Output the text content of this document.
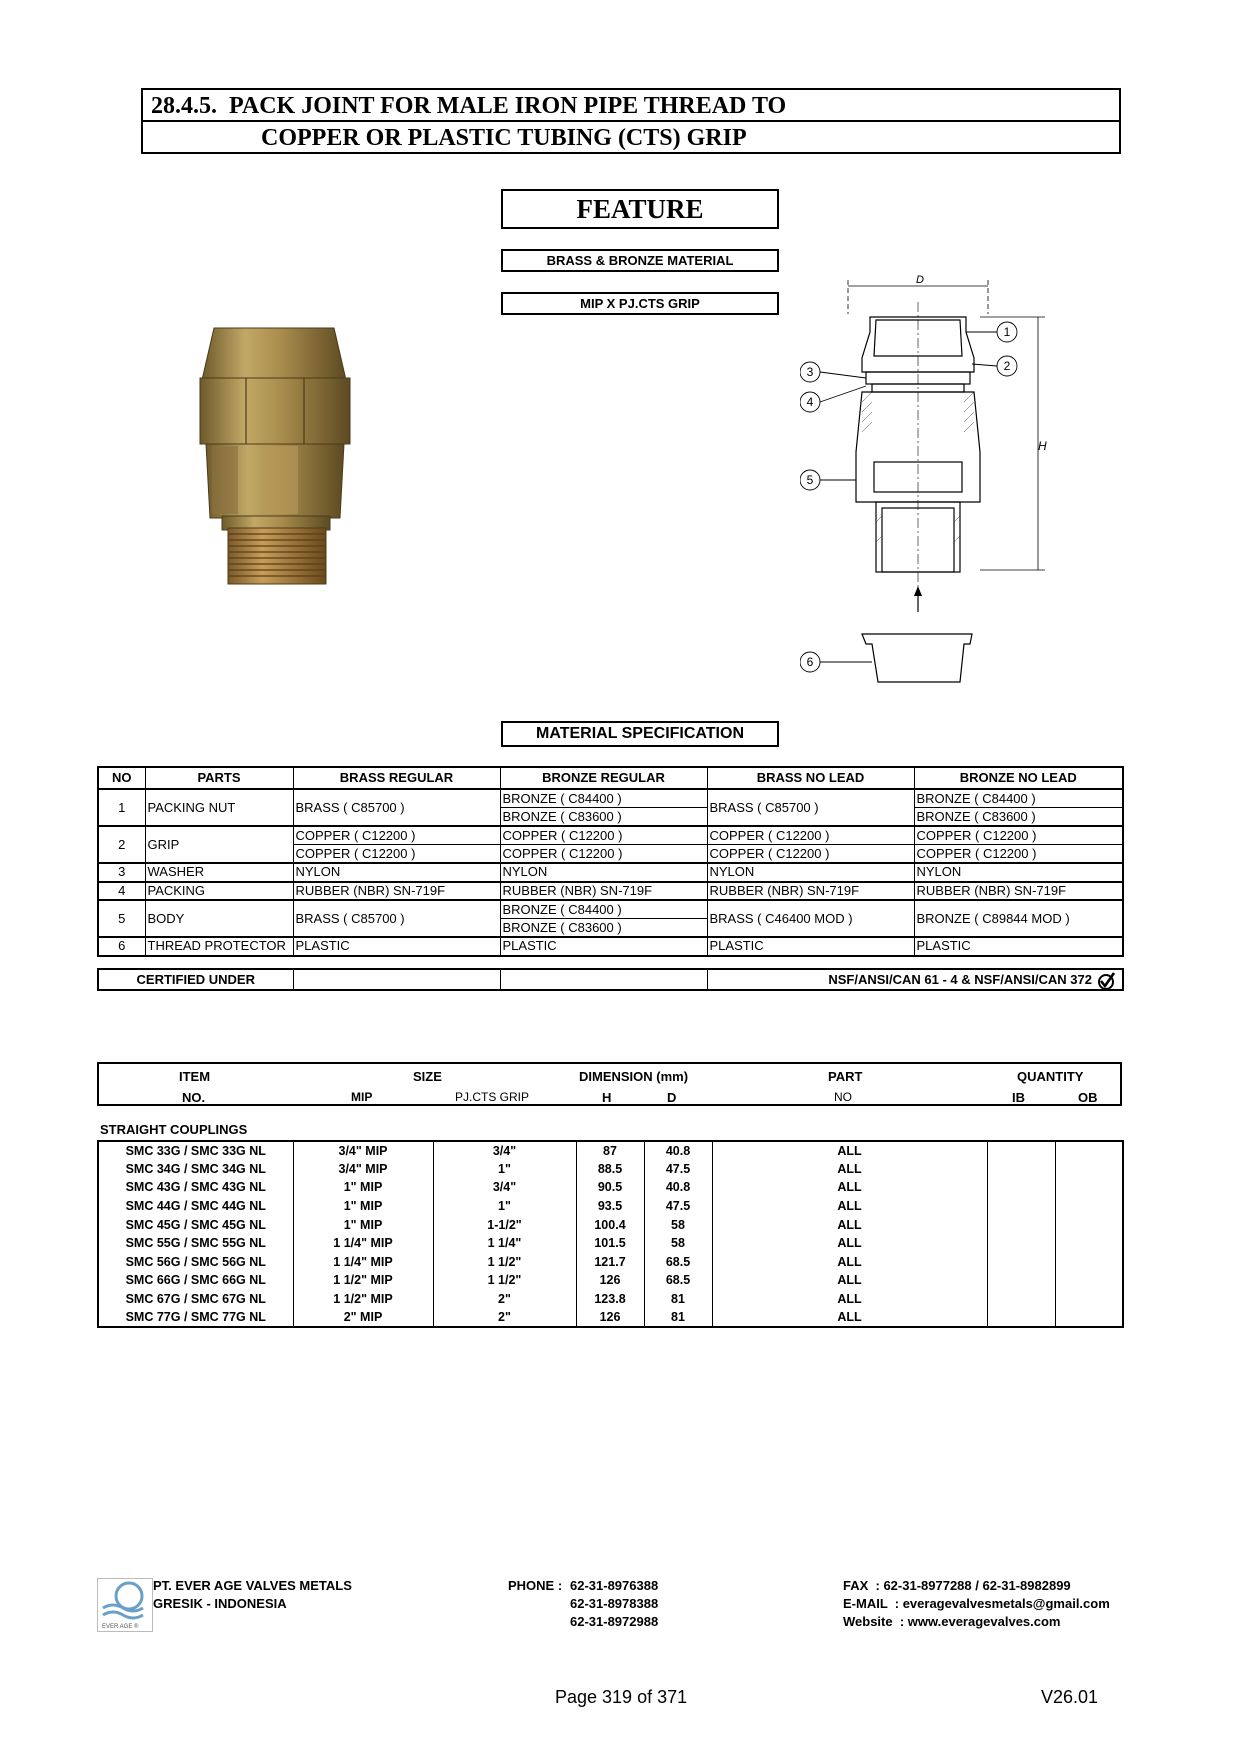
28.4.5.  PACK JOINT FOR MALE IRON PIPE THREAD TO
COPPER OR PLASTIC TUBING (CTS) GRIP
FEATURE
BRASS & BRONZE MATERIAL
MIP X PJ.CTS GRIP
D
H
1
2
3
4
5
6
MATERIAL SPECIFICATION
NO	PARTS	BRASS REGULAR	BRONZE REGULAR	BRASS NO LEAD	BRONZE NO LEAD
1	PACKING NUT	BRASS ( C85700 )	BRONZE ( C84400 )	BRASS ( C85700 )	BRONZE ( C84400 )
			BRONZE ( C83600 )		BRONZE ( C83600 )
2	GRIP	COPPER ( C12200 )	COPPER ( C12200 )	COPPER ( C12200 )	COPPER ( C12200 )
		COPPER ( C12200 )	COPPER ( C12200 )	COPPER ( C12200 )	COPPER ( C12200 )
3	WASHER	NYLON	NYLON	NYLON	NYLON
4	PACKING	RUBBER (NBR) SN-719F	RUBBER (NBR) SN-719F	RUBBER (NBR) SN-719F	RUBBER (NBR) SN-719F
5	BODY	BRASS ( C85700 )	BRONZE ( C84400 )	BRASS ( C46400 MOD )	BRONZE ( C89844 MOD )
			BRONZE ( C83600 )		
6	THREAD PROTECTOR	PLASTIC	PLASTIC	PLASTIC	PLASTIC
CERTIFIED UNDER			NSF/ANSI/CAN 61 - 4 & NSF/ANSI/CAN 372
ITEM
NO.
SIZE
MIP	PJ.CTS GRIP
DIMENSION (mm)
H	D
PART
NO
QUANTITY
IB	OB
STRAIGHT COUPLINGS
SMC 33G / SMC 33G NL	3/4" MIP	3/4"	87	40.8	ALL		
SMC 34G / SMC 34G NL	3/4" MIP	1"	88.5	47.5	ALL		
SMC 43G / SMC 43G NL	1" MIP	3/4"	90.5	40.8	ALL		
SMC 44G / SMC 44G NL	1" MIP	1"	93.5	47.5	ALL		
SMC 45G / SMC 45G NL	1" MIP	1-1/2"	100.4	58	ALL		
SMC 55G / SMC 55G NL	1 1/4" MIP	1 1/4"	101.5	58	ALL		
SMC 56G / SMC 56G NL	1 1/4" MIP	1 1/2"	121.7	68.5	ALL		
SMC 66G / SMC 66G NL	1 1/2" MIP	1 1/2"	126	68.5	ALL		
SMC 67G / SMC 67G NL	1 1/2" MIP	2"	123.8	81	ALL		
SMC 77G / SMC 77G NL	2" MIP	2"	126	81	ALL		
EVER AGE ®
PT. EVER AGE VALVES METALS
GRESIK - INDONESIA
PHONE : 62-31-8976388
62-31-8978388
62-31-8972988
FAX  : 62-31-8977288 / 62-31-8982899
E-MAIL  : everagevalvesmetals@gmail.com
Website  : www.everagevalves.com
Page 319 of 371	V26.01
